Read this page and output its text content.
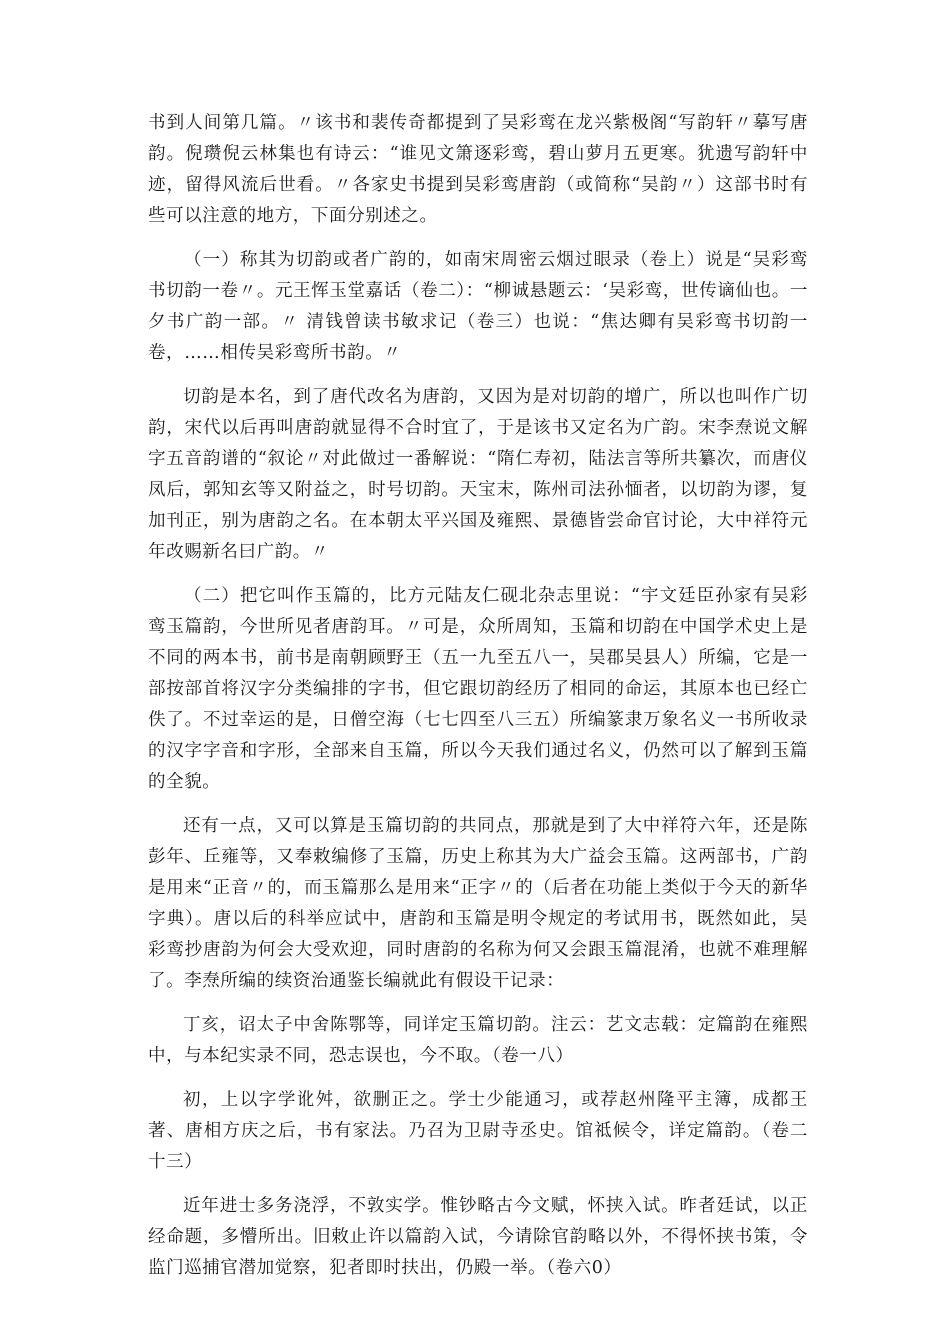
书到人间第几篇。〃该书和裴传奇都提到了吴彩鸾在龙兴紫极阁“写韵轩〃摹写唐韵。倪瓒倪云林集也有诗云：“谁见文箫逐彩鸾，碧山萝月五更寒。犹遗写韵轩中迹，留得风流后世看。〃各家史书提到吴彩鸾唐韵（或简称“吴韵〃）这部书时有些可以注意的地方，下面分别述之。

（一）称其为切韵或者广韵的，如南宋周密云烟过眼录（卷上）说是“吴彩鸾书切韵一卷〃。元王恽玉堂嘉话（卷二）：“柳诚悬题云：‘吴彩鸾，世传谪仙也。一夕书广韵一部。〃 清钱曾读书敏求记（卷三）也说：“焦达卿有吴彩鸾书切韵一卷，……相传吴彩鸾所书韵。〃

切韵是本名，到了唐代改名为唐韵，又因为是对切韵的增广，所以也叫作广切韵，宋代以后再叫唐韵就显得不合时宜了，于是该书又定名为广韵。宋李焘说文解字五音韵谱的“叙论〃对此做过一番解说：“隋仁寿初，陆法言等所共纂次，而唐仪凤后，郭知玄等又附益之，时号切韵。天宝末，陈州司法孙愐者，以切韵为谬，复加刊正，别为唐韵之名。在本朝太平兴国及雍熙、景德皆尝命官讨论，大中祥符元年改赐新名曰广韵。〃

（二）把它叫作玉篇的，比方元陆友仁砚北杂志里说：“宇文廷臣孙家有吴彩鸾玉篇韵，今世所见者唐韵耳。〃可是，众所周知，玉篇和切韵在中国学术史上是不同的两本书，前书是南朝顾野王（五一九至五八一，吴郡吴县人）所编，它是一部按部首将汉字分类编排的字书，但它跟切韵经历了相同的命运，其原本也已经亡佚了。不过幸运的是，日僧空海（七七四至八三五）所编篆隶万象名义一书所收录的汉字字音和字形，全部来自玉篇，所以今天我们通过名义，仍然可以了解到玉篇的全貌。

还有一点，又可以算是玉篇切韵的共同点，那就是到了大中祥符六年，还是陈彭年、丘雍等，又奉敕编修了玉篇，历史上称其为大广益会玉篇。这两部书，广韵是用来“正音〃的，而玉篇那么是用来“正字〃的（后者在功能上类似于今天的新华字典）。唐以后的科举应试中，唐韵和玉篇是明令规定的考试用书，既然如此，吴彩鸾抄唐韵为何会大受欢迎，同时唐韵的名称为何又会跟玉篇混淆，也就不难理解了。李焘所编的续资治通鉴长编就此有假设干记录：

丁亥，诏太子中舍陈鄂等，同详定玉篇切韵。注云：艺文志载：定篇韵在雍熙中，与本纪实录不同，恐志误也，今不取。（卷一八）

初，上以字学讹舛，欲删正之。学士少能通习，或荐赵州隆平主簿，成都王著、唐相方庆之后，书有家法。乃召为卫尉寺丞史。馆祗候令，详定篇韵。（卷二十三）

近年进士多务浇浮，不敦实学。惟钞略古今文赋，怀挟入试。昨者廷试，以正经命题，多懵所出。旧敕止许以篇韵入试，今请除官韵略以外，不得怀挟书策，令监门巡捕官潜加觉察，犯者即时扶出，仍殿一举。（卷六0）
